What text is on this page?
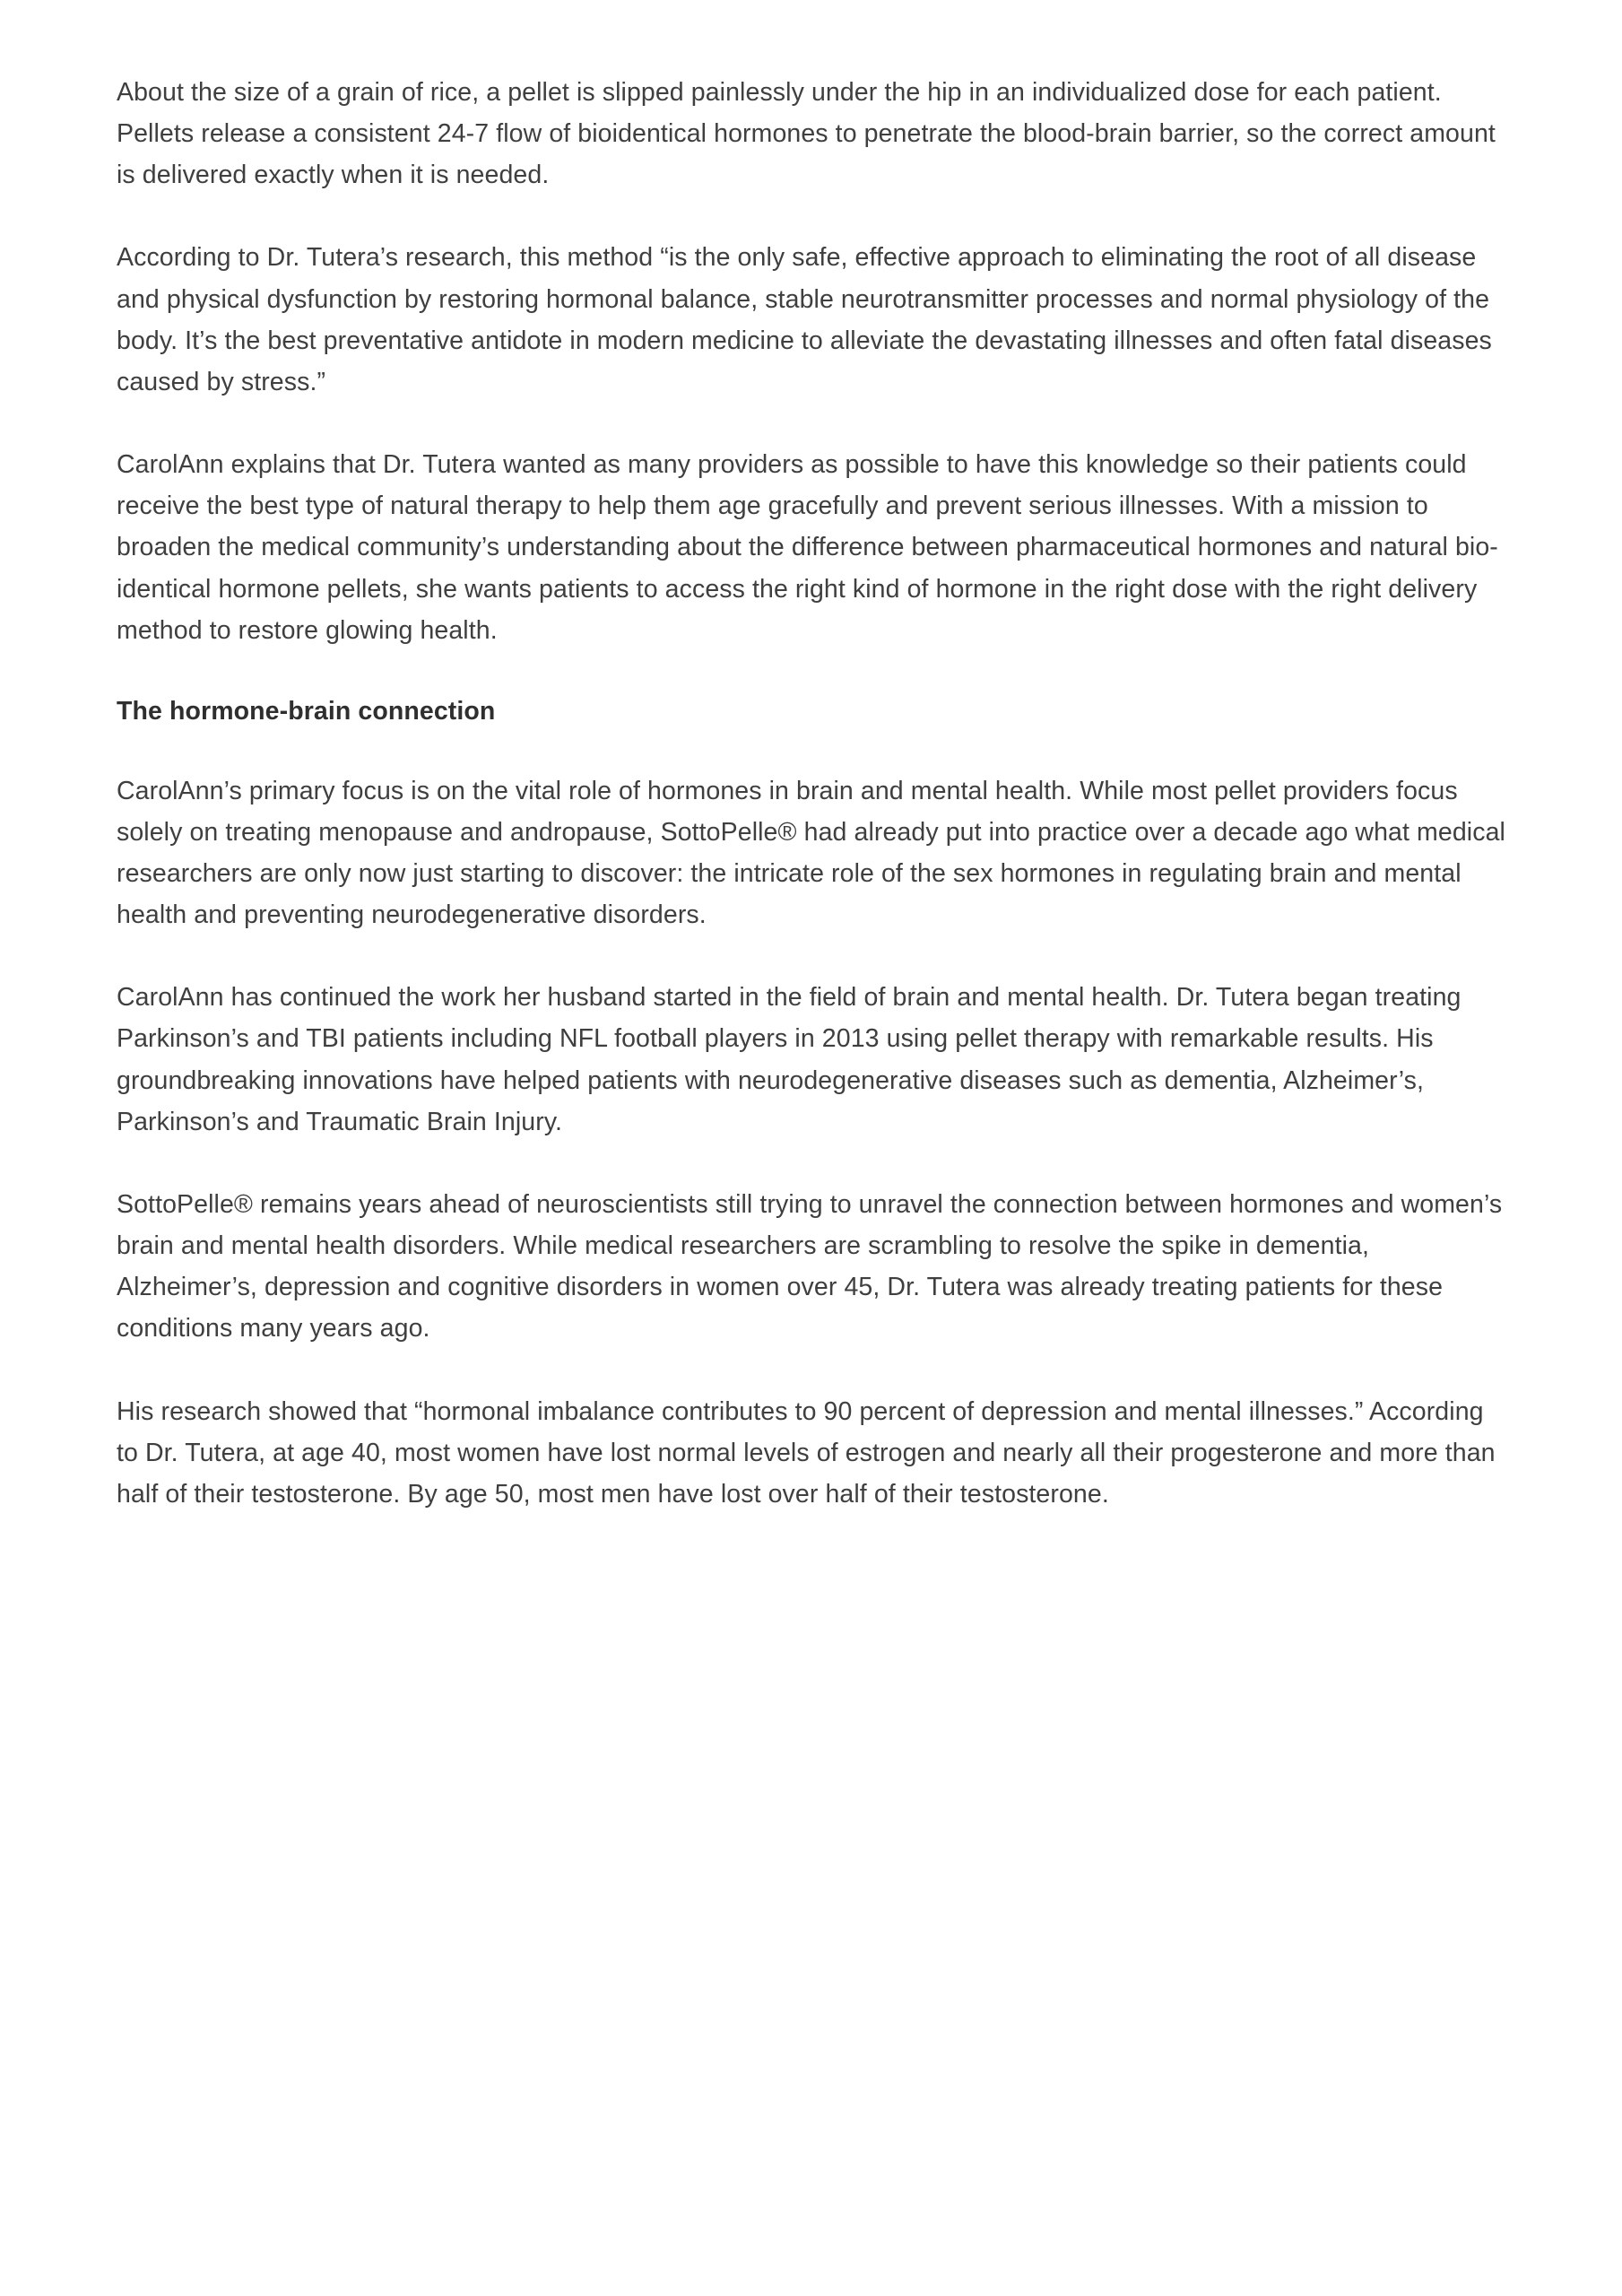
About the size of a grain of rice, a pellet is slipped painlessly under the hip in an individualized dose for each patient. Pellets release a consistent 24-7 flow of bioidentical hormones to penetrate the blood-brain barrier, so the correct amount is delivered exactly when it is needed.

According to Dr. Tutera’s research, this method “is the only safe, effective approach to eliminating the root of all disease and physical dysfunction by restoring hormonal balance, stable neurotransmitter processes and normal physiology of the body. It’s the best preventative antidote in modern medicine to alleviate the devastating illnesses and often fatal diseases caused by stress.”

CarolAnn explains that Dr. Tutera wanted as many providers as possible to have this knowledge so their patients could receive the best type of natural therapy to help them age gracefully and prevent serious illnesses. With a mission to broaden the medical community’s understanding about the difference between pharmaceutical hormones and natural bio-identical hormone pellets, she wants patients to access the right kind of hormone in the right dose with the right delivery method to restore glowing health.

The hormone-brain connection

CarolAnn’s primary focus is on the vital role of hormones in brain and mental health. While most pellet providers focus solely on treating menopause and andropause, SottoPelle® had already put into practice over a decade ago what medical researchers are only now just starting to discover: the intricate role of the sex hormones in regulating brain and mental health and preventing neurodegenerative disorders.

CarolAnn has continued the work her husband started in the field of brain and mental health. Dr. Tutera began treating Parkinson’s and TBI patients including NFL football players in 2013 using pellet therapy with remarkable results. His groundbreaking innovations have helped patients with neurodegenerative diseases such as dementia, Alzheimer’s, Parkinson’s and Traumatic Brain Injury.

SottoPelle® remains years ahead of neuroscientists still trying to unravel the connection between hormones and women’s brain and mental health disorders. While medical researchers are scrambling to resolve the spike in dementia, Alzheimer’s, depression and cognitive disorders in women over 45, Dr. Tutera was already treating patients for these conditions many years ago.

His research showed that “hormonal imbalance contributes to 90 percent of depression and mental illnesses.” According to Dr. Tutera, at age 40, most women have lost normal levels of estrogen and nearly all their progesterone and more than half of their testosterone. By age 50, most men have lost over half of their testosterone.
